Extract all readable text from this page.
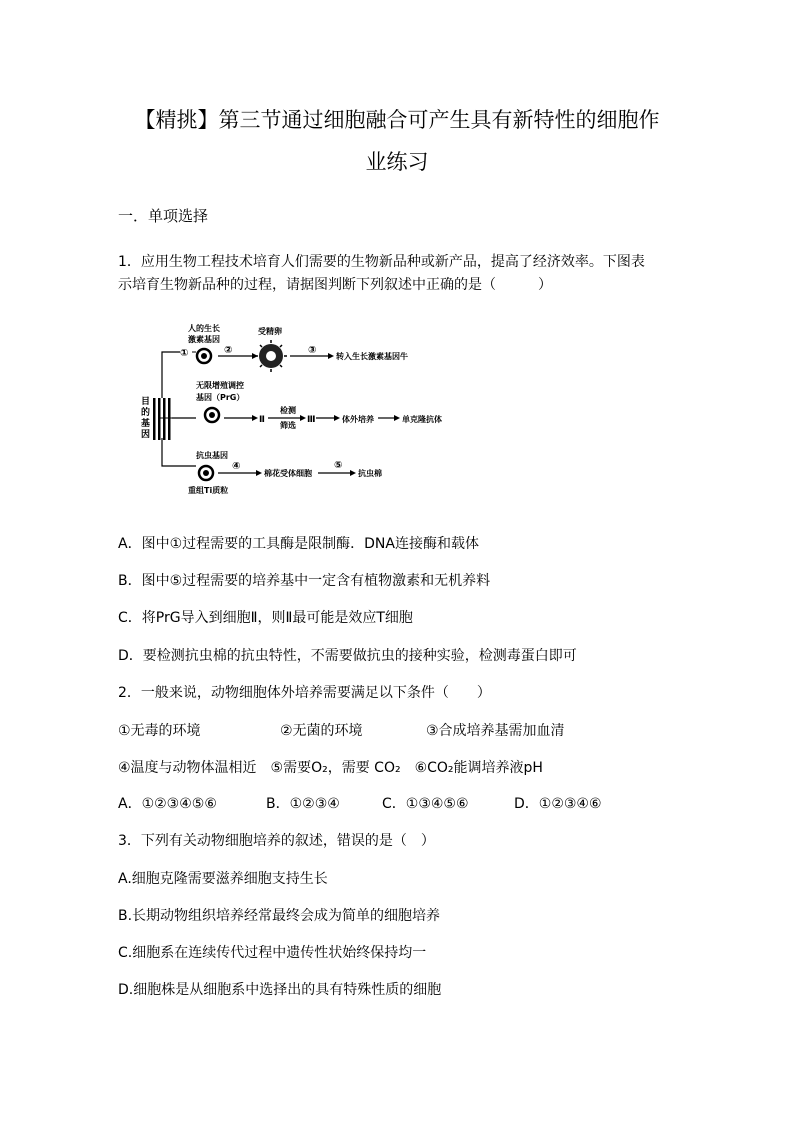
【精挑】第三节通过细胞融合可产生具有新特性的细胞作
业练习
一．单项选择
1．应用生物工程技术培育人们需要的生物新品种或新产品，提高了经济效率。下图表
示培育生物新品种的过程，请据图判断下列叙述中正确的是（　　　）
目
的
基
因
①
人的生长
激素基因
②
受精卵
③
转入生长激素基因牛
无限增殖调控
基因（PrG）
Ⅱ
检测
筛选
Ⅲ	体外培养	单克隆抗体
抗虫基因
重组Ti质粒
④
棉花受体细胞
⑤
抗虫棉
A．图中①过程需要的工具酶是限制酶．DNA连接酶和载体
B．图中⑤过程需要的培养基中一定含有植物激素和无机养料
C．将PrG导入到细胞Ⅱ，则Ⅱ最可能是效应T细胞
D．要检测抗虫棉的抗虫特性，不需要做抗虫的接种实验，检测毒蛋白即可
2．一般来说，动物细胞体外培养需要满足以下条件（　　）
①无毒的环境	②无菌的环境	③合成培养基需加血清
④温度与动物体温相近　⑤需要O₂，需要 CO₂　⑥CO₂能调培养液pH
A．①②③④⑤⑥	B．①②③④	C．①③④⑤⑥	D．①②③④⑥
3．下列有关动物细胞培养的叙述，错误的是（　）
A.细胞克隆需要滋养细胞支持生长
B.长期动物组织培养经常最终会成为简单的细胞培养
C.细胞系在连续传代过程中遗传性状始终保持均一
D.细胞株是从细胞系中选择出的具有特殊性质的细胞
